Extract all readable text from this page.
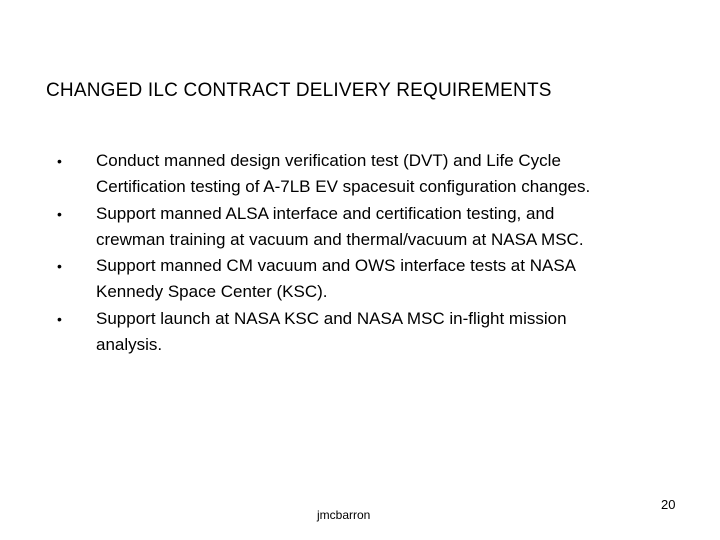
CHANGED ILC CONTRACT DELIVERY REQUIREMENTS
• Conduct manned design verification test (DVT) and Life Cycle
Certification testing of A-7LB EV spacesuit configuration changes.
• Support manned ALSA interface and certification testing, and
crewman training at vacuum and thermal/vacuum at NASA MSC.
• Support manned CM vacuum and OWS interface tests at NASA
Kennedy Space Center (KSC).
• Support launch at NASA KSC and NASA MSC in-flight mission
analysis.
jmcbarron
20
